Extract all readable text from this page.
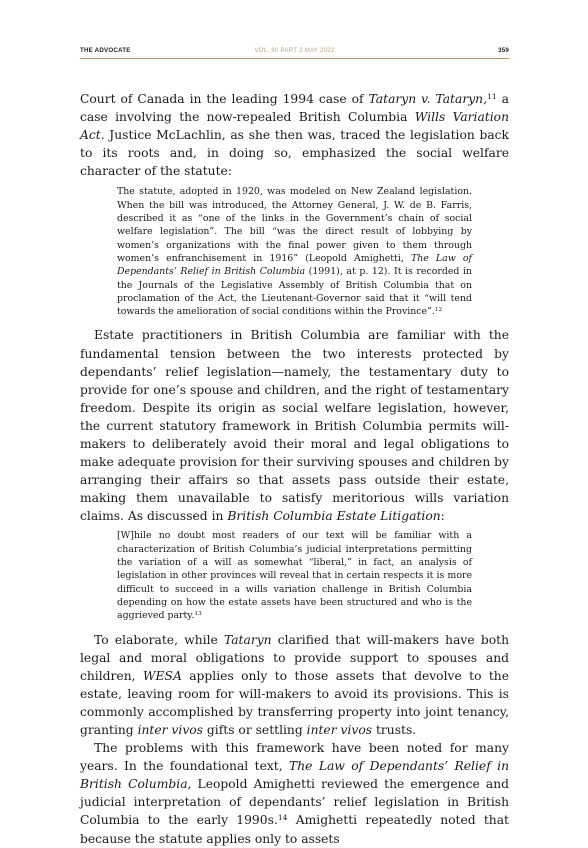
THE ADVOCATE	VOL. 80 PART 3 MAY 2022	359

Court of Canada in the leading 1994 case of Tataryn v. Tataryn,$^{11}$ a case involving the now-repealed British Columbia Wills Variation Act. Justice McLachlin, as she then was, traced the legislation back to its roots and, in doing so, emphasized the social welfare character of the statute:

The statute, adopted in 1920, was modeled on New Zealand legislation. When the bill was introduced, the Attorney General, J. W. de B. Farris, described it as “one of the links in the Government’s chain of social welfare legislation”. The bill “was the direct result of lobbying by women’s organizations with the final power given to them through women’s enfranchisement in 1916” (Leopold Amighetti, The Law of Dependants’ Relief in British Columbia (1991), at p. 12). It is recorded in the Journals of the Legislative Assembly of British Columbia that on proclamation of the Act, the Lieutenant-Governor said that it “will tend towards the amelioration of social conditions within the Province”.$^{12}$

Estate practitioners in British Columbia are familiar with the fundamental tension between the two interests protected by dependants’ relief legislation—namely, the testamentary duty to provide for one’s spouse and children, and the right of testamentary freedom. Despite its origin as social welfare legislation, however, the current statutory framework in British Columbia permits will-makers to deliberately avoid their moral and legal obligations to make adequate provision for their surviving spouses and children by arranging their affairs so that assets pass outside their estate, making them unavailable to satisfy meritorious wills variation claims. As discussed in British Columbia Estate Litigation:

[W]hile no doubt most readers of our text will be familiar with a characterization of British Columbia’s judicial interpretations permitting the variation of a will as somewhat “liberal,” in fact, an analysis of legislation in other provinces will reveal that in certain respects it is more difficult to succeed in a wills variation challenge in British Columbia depending on how the estate assets have been structured and who is the aggrieved party.$^{13}$

To elaborate, while Tataryn clarified that will-makers have both legal and moral obligations to provide support to spouses and children, WESA applies only to those assets that devolve to the estate, leaving room for will-makers to avoid its provisions. This is commonly accomplished by transferring property into joint tenancy, granting inter vivos gifts or settling inter vivos trusts.

The problems with this framework have been noted for many years. In the foundational text, The Law of Dependants’ Relief in British Columbia, Leopold Amighetti reviewed the emergence and judicial interpretation of dependants’ relief legislation in British Columbia to the early 1990s.$^{14}$ Amighetti repeatedly noted that because the statute applies only to assets
